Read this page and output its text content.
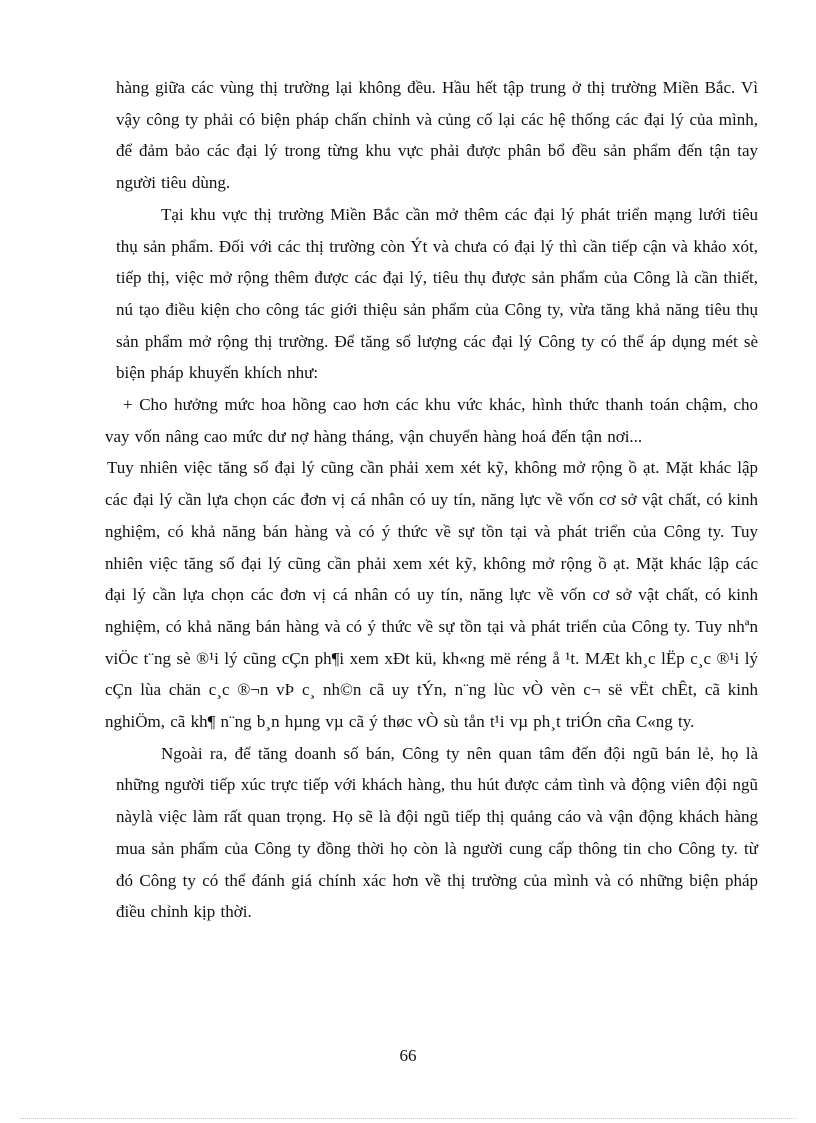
hàng giữa các vùng thị trường lại không đều. Hầu hết tập trung ở thị trường Miền Bắc. Vì vậy công ty phải có biện pháp chấn chỉnh và củng cố lại các hệ thống các đại lý của mình, để đảm bảo các đại lý trong từng khu vực phải được phân bổ đều sản phẩm đến tận tay người tiêu dùng.

Tại khu vực thị trường Miền Bắc cần mở thêm các đại lý phát triển mạng lưới tiêu thụ sản phẩm. Đối với các thị trường còn Ýt và chưa có đại lý thì cần tiếp cận và khảo xót, tiếp thị, việc mở rộng thêm được các đại lý, tiêu thụ được sản phẩm của Công là cần thiết, nú tạo điều kiện cho công tác giới thiệu sản phẩm của Công ty, vừa tăng khả năng tiêu thụ sản phẩm mở rộng thị trường. Để tăng số lượng các đại lý Công ty có thể áp dụng mét sè biện pháp khuyến khích như:

+ Cho hưởng mức hoa hồng cao hơn các khu vức khác, hình thức thanh toán chậm, cho vay vốn nâng cao mức dư nợ hàng tháng, vận chuyển hàng hoá đến tận nơi...

Tuy nhiên việc tăng số đại lý cũng cần phải xem xét kỹ, không mở rộng ồ ạt. Mặt khác lập các đại lý cần lựa chọn các đơn vị cá nhân có uy tín, năng lực về vốn cơ sở vật chất, có kinh nghiệm, có khả năng bán hàng và có ý thức về sự tồn tại và phát triển của Công ty. Tuy nhiên việc tăng số đại lý cũng cần phải xem xét kỹ, không mở rộng ồ ạt. Mặt khác lập các đại lý cần lựa chọn các đơn vị cá nhân có uy tín, năng lực về vốn cơ sở vật chất, có kinh nghiệm, có khả năng bán hàng và có ý thức về sự tồn tại và phát triển của Công ty. Tuy nhªn viÖc t¨ng sè ®¹i lý cũng cÇn ph¶i xem xÐt kü, kh«ng më réng å ¹t. MÆt kh¸c lËp c¸c ®¹i lý cÇn lùa chän c¸c ®¬n vÞ c¸ nh©n cã uy tÝn, n¨ng lùc vÒ vèn c¬ së vËt chÊt, cã kinh nghiÖm, cã kh¶ n¨ng b¸n hµng vµ cã ý thøc vÒ sù tån t¹i vµ ph¸t triÓn cña C«ng ty.

Ngoài ra, để tăng doanh số bán, Công ty nên quan tâm đến đội ngũ bán lẻ, họ là những người tiếp xúc trực tiếp với khách hàng, thu hút được cảm tình và động viên đội ngũ nàylà việc làm rất quan trọng. Họ sẽ là đội ngũ tiếp thị quảng cáo và vận động khách hàng mua sản phẩm của Công ty đồng thời họ còn là người cung cấp thông tin cho Công ty. từ đó Công ty có thể đánh giá chính xác hơn về thị trường của mình và có những biện pháp điều chỉnh kịp thời.

66
